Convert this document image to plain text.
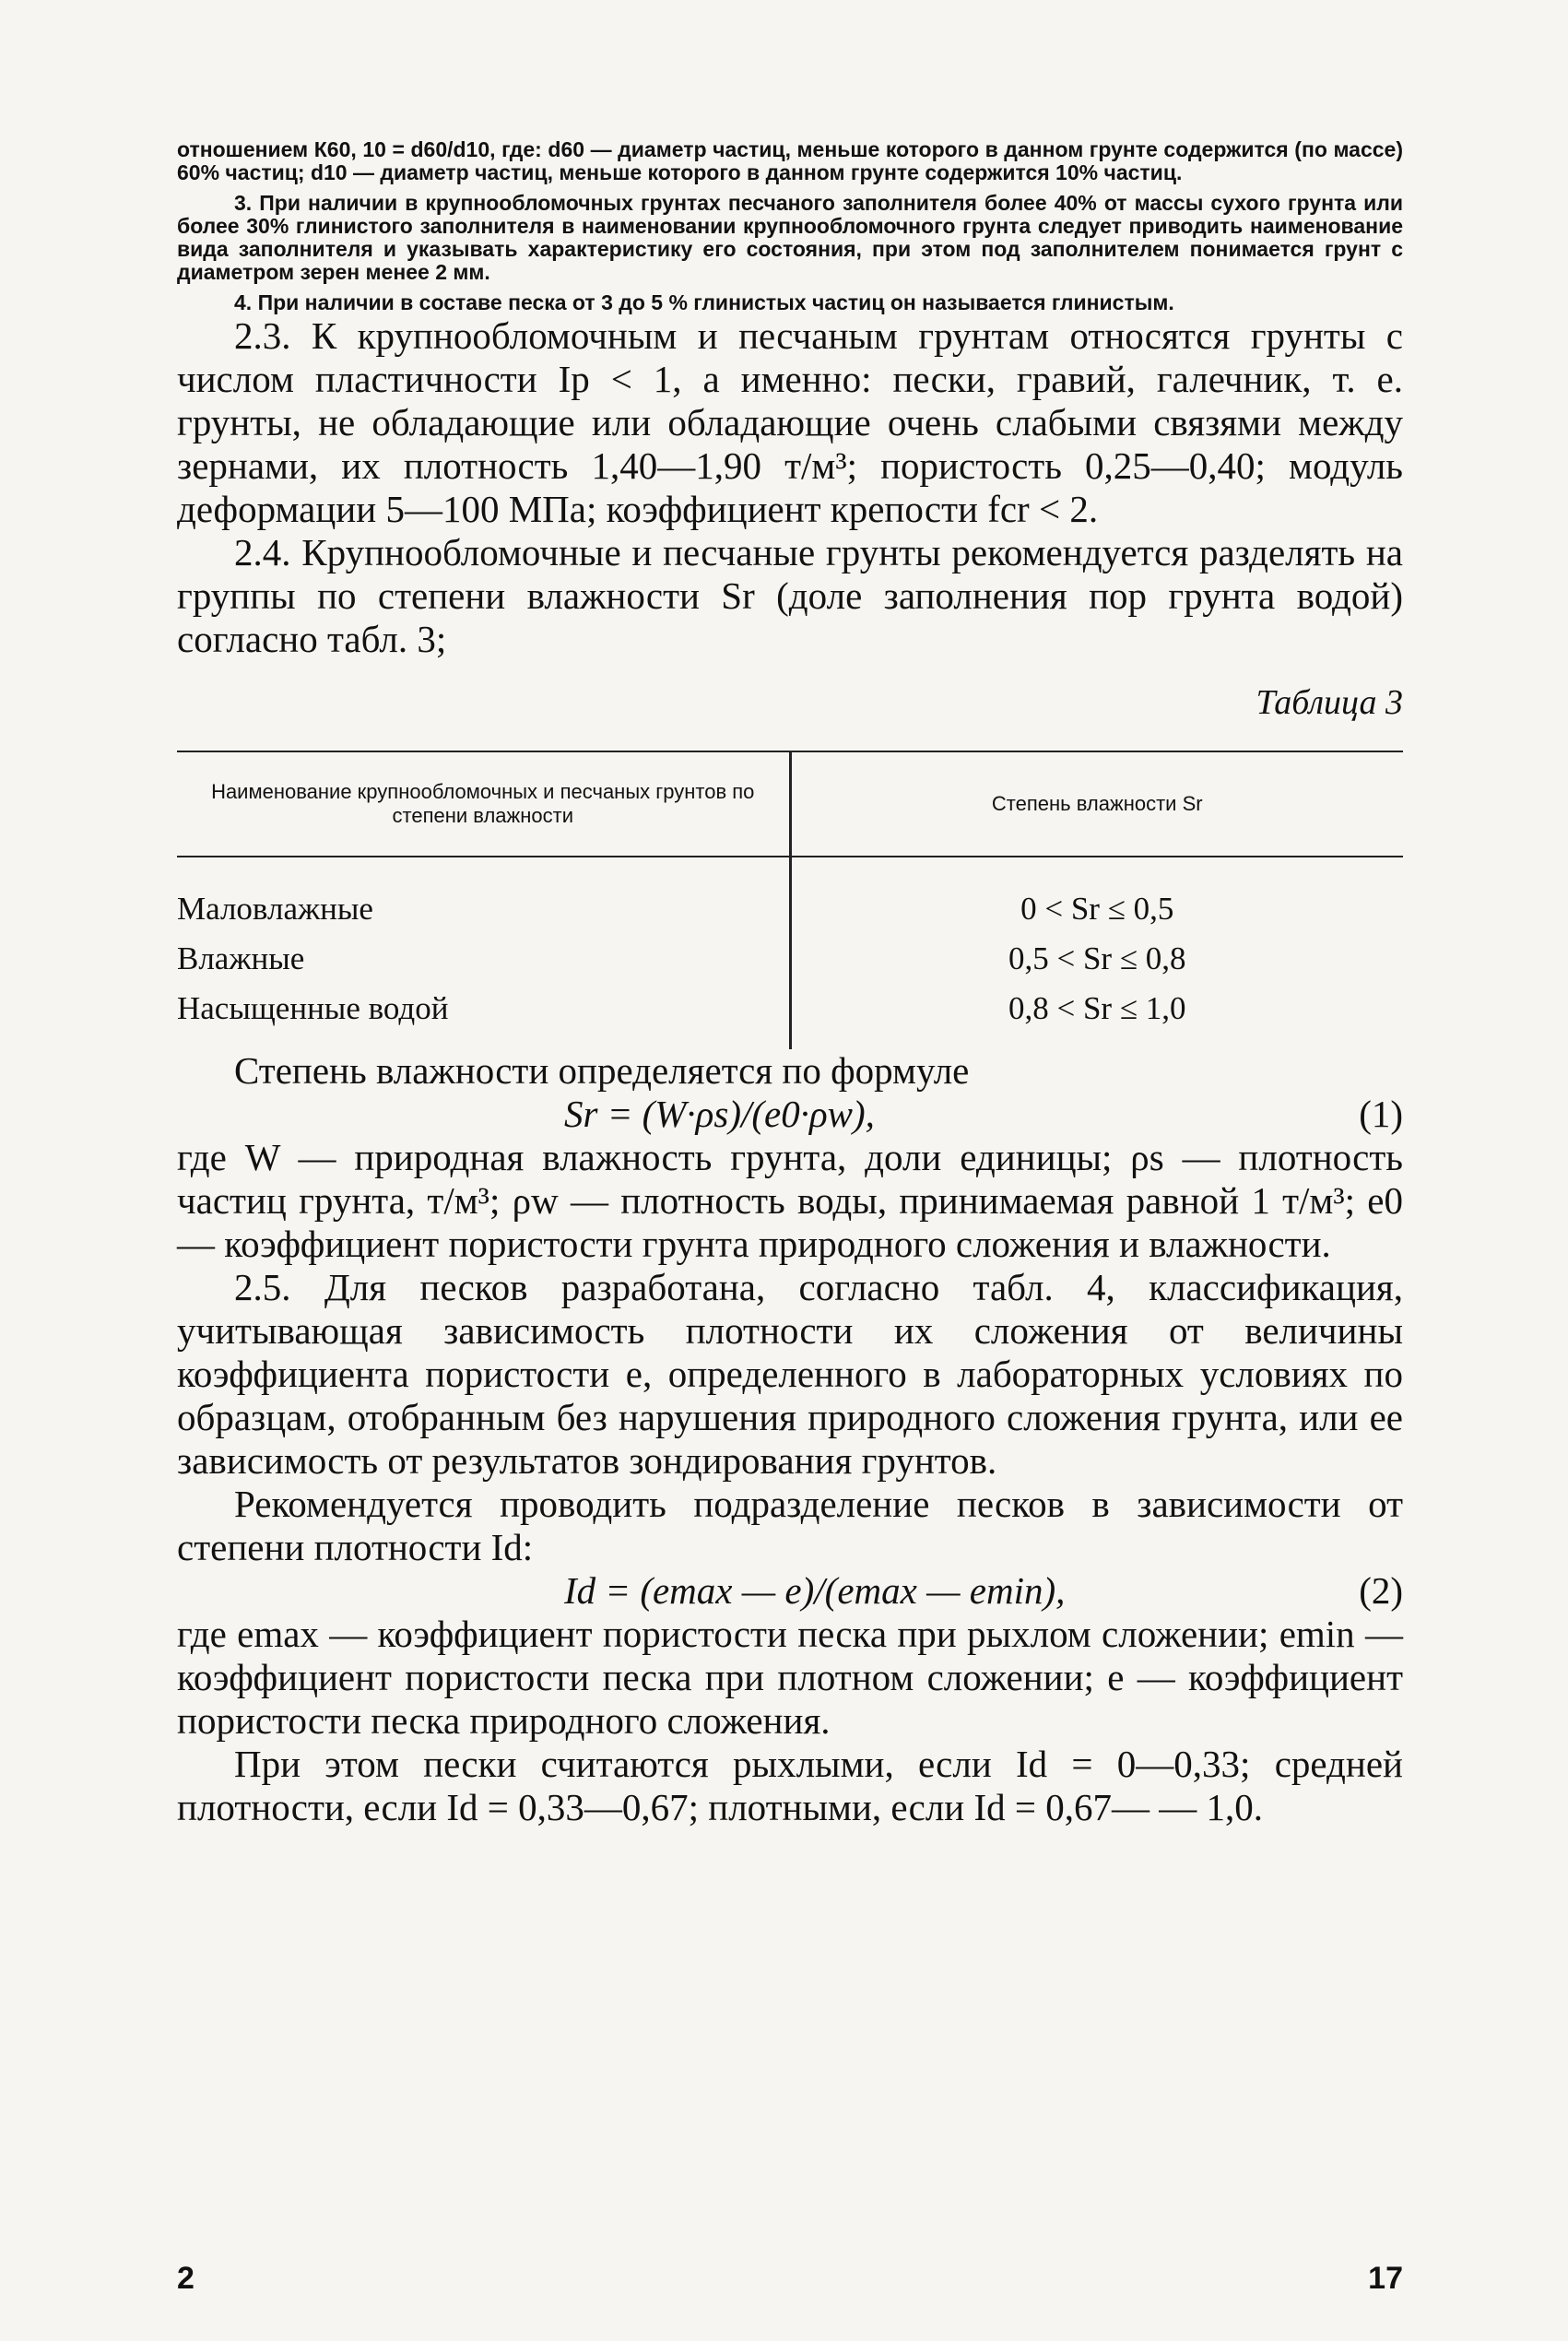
отношением К60, 10 = d60/d10, где: d60 — диаметр частиц, меньше которого в данном грунте содержится (по массе) 60% частиц; d10 — диаметр частиц, меньше которого в данном грунте содержится 10% частиц.

3. При наличии в крупнообломочных грунтах песчаного заполнителя более 40% от массы сухого грунта или более 30% глинистого заполнителя в наименовании крупнообломочного грунта следует приводить наименование вида заполнителя и указывать характеристику его состояния, при этом под заполнителем понимается грунт с диаметром зерен менее 2 мм.

4. При наличии в составе песка от 3 до 5 % глинистых частиц он называется глинистым.

2.3. К крупнообломочным и песчаным грунтам относятся грунты с числом пластичности Ip < 1, а именно: пески, гравий, галечник, т. е. грунты, не обладающие или обладающие очень слабыми связями между зернами, их плотность 1,40—1,90 т/м³; пористость 0,25—0,40; модуль деформации 5—100 МПа; коэффициент крепости fcr < 2.

2.4. Крупнообломочные и песчаные грунты рекомендуется разделять на группы по степени влажности Sr (доле заполнения пор грунта водой) согласно табл. 3;

Таблица 3
Наименование крупнообломочных и песчаных грунтов по степени влажности	Степень влажности Sr
Маловлажные	0 < Sr ≤ 0,5
Влажные	0,5 < Sr ≤ 0,8
Насыщенные водой	0,8 < Sr ≤ 1,0

Степень влажности определяется по формуле

Sr = (W·ρs)/(e0·ρw),	(1)

где W — природная влажность грунта, доли единицы; ρs — плотность частиц грунта, т/м³; ρw — плотность воды, принимаемая равной 1 т/м³; e0 — коэффициент пористости грунта природного сложения и влажности.

2.5. Для песков разработана, согласно табл. 4, классификация, учитывающая зависимость плотности их сложения от величины коэффициента пористости е, определенного в лабораторных условиях по образцам, отобранным без нарушения природного сложения грунта, или ее зависимость от результатов зондирования грунтов.

Рекомендуется проводить подразделение песков в зависимости от степени плотности Id:

Id = (emax — e)/(emax — emin),	(2)

где emax — коэффициент пористости песка при рыхлом сложении; emin — коэффициент пористости песка при плотном сложении; е — коэффициент пористости песка природного сложения.

При этом пески считаются рыхлыми, если Id = 0—0,33; средней плотности, если Id = 0,33—0,67; плотными, если Id = 0,67— — 1,0.

2	17
